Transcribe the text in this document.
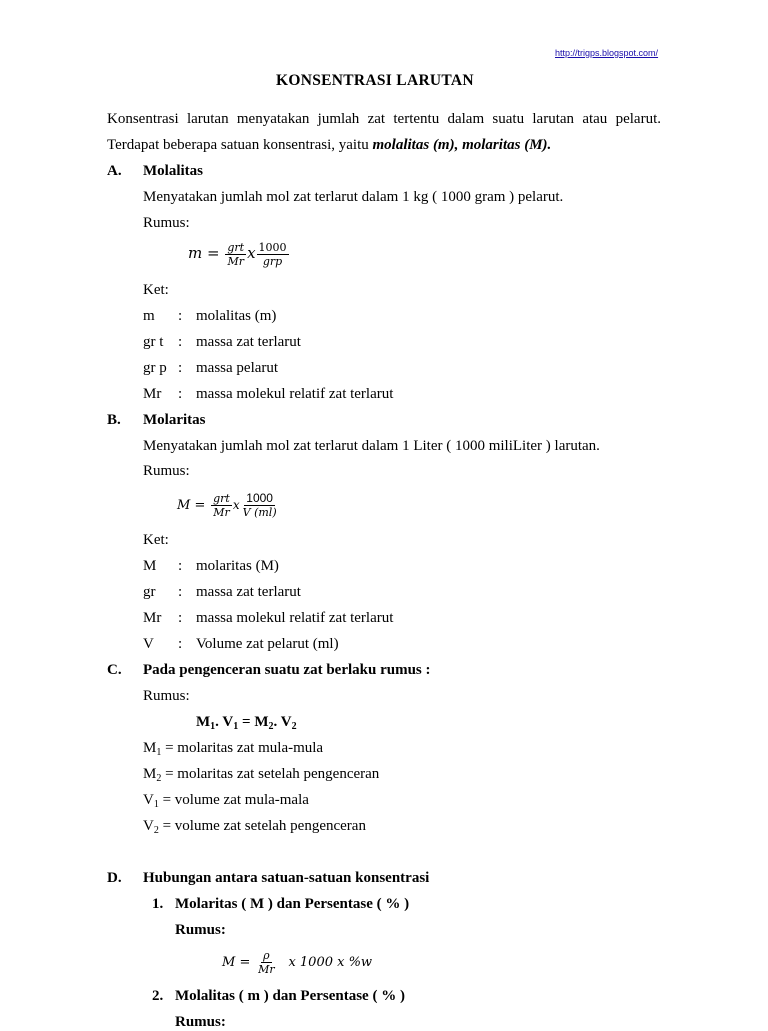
http://trigps.blogspot.com/
KONSENTRASI LARUTAN
Konsentrasi larutan menyatakan jumlah zat tertentu dalam suatu larutan atau pelarut.
Terdapat beberapa satuan konsentrasi, yaitu molalitas (m), molaritas (M).
A. Molalitas
Menyatakan jumlah mol zat terlarut dalam 1 kg ( 1000 gram ) pelarut.
Rumus:
$m = \frac{\text{grt}}{Mr}$ x $\frac{1000}{\text{grp}}$
Ket:
m : molalitas (m)
gr t : massa zat terlarut
gr p : massa pelarut
Mr : massa molekul relatif zat terlarut
B. Molaritas
Menyatakan jumlah mol zat terlarut dalam 1 Liter ( 1000 miliLiter ) larutan.
Rumus:
$M = \frac{\text{grt}}{Mr}$ x $\frac{1000}{V (ml)}$
Ket:
M : molaritas (M)
gr : massa zat terlarut
Mr : massa molekul relatif zat terlarut
V : Volume zat pelarut (ml)
C. Pada pengenceran suatu zat berlaku rumus :
Rumus:
$M_1$. $V_1 = M_2$. $V_2$
$M_1$ = molaritas zat mula-mula
$M_2$ = molaritas zat setelah pengenceran
$V_1$ = volume zat mula-mala
$V_2$ = volume zat setelah pengenceran
D. Hubungan antara satuan-satuan konsentrasi
1. Molaritas ( M ) dan Persentase ( % )
Rumus:
$M = \frac{\rho}{Mr}$ x 1000 x %w
2. Molalitas ( m ) dan Persentase ( % )
Rumus:
